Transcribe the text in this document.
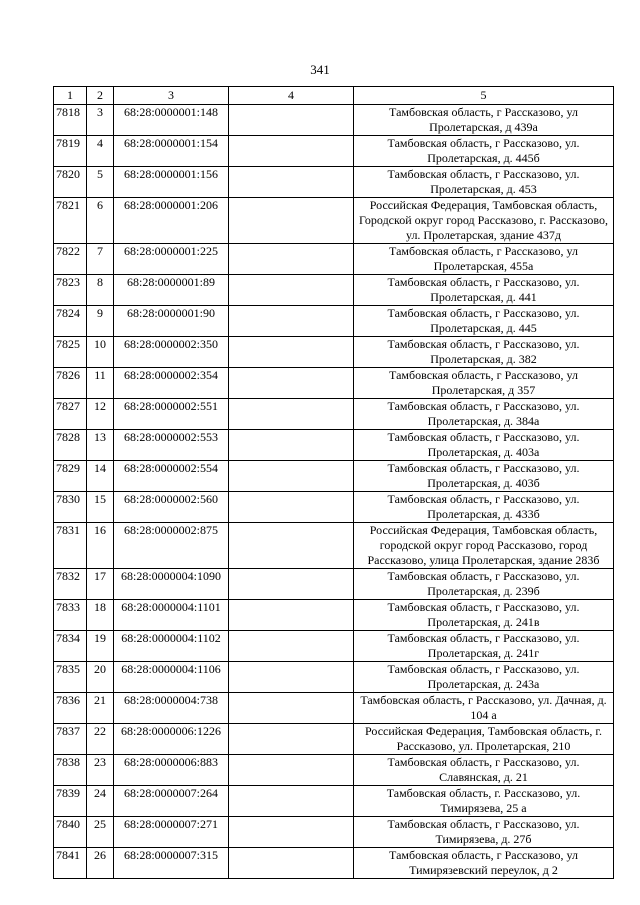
341
1	2	3	4	5
7818	3	68:28:0000001:148		Тамбовская область, г Рассказово, ул Пролетарская, д 439а
7819	4	68:28:0000001:154		Тамбовская область, г Рассказово, ул. Пролетарская, д. 445б
7820	5	68:28:0000001:156		Тамбовская область, г Рассказово, ул. Пролетарская, д. 453
7821	6	68:28:0000001:206		Российская Федерация, Тамбовская область, Городской округ город Рассказово, г. Рассказово, ул. Пролетарская, здание 437д
7822	7	68:28:0000001:225		Тамбовская область, г Рассказово, ул Пролетарская, 455а
7823	8	68:28:0000001:89		Тамбовская область, г Рассказово, ул. Пролетарская, д. 441
7824	9	68:28:0000001:90		Тамбовская область, г Рассказово, ул. Пролетарская, д. 445
7825	10	68:28:0000002:350		Тамбовская область, г Рассказово, ул. Пролетарская, д. 382
7826	11	68:28:0000002:354		Тамбовская область, г Рассказово, ул Пролетарская, д 357
7827	12	68:28:0000002:551		Тамбовская область, г Рассказово, ул. Пролетарская, д. 384а
7828	13	68:28:0000002:553		Тамбовская область, г Рассказово, ул. Пролетарская, д. 403а
7829	14	68:28:0000002:554		Тамбовская область, г Рассказово, ул. Пролетарская, д. 403б
7830	15	68:28:0000002:560		Тамбовская область, г Рассказово, ул. Пролетарская, д. 433б
7831	16	68:28:0000002:875		Российская Федерация, Тамбовская область, городской округ город Рассказово, город Рассказово, улица Пролетарская, здание 283б
7832	17	68:28:0000004:1090		Тамбовская область, г Рассказово, ул. Пролетарская, д. 239б
7833	18	68:28:0000004:1101		Тамбовская область, г Рассказово, ул. Пролетарская, д. 241в
7834	19	68:28:0000004:1102		Тамбовская область, г Рассказово, ул. Пролетарская, д. 241г
7835	20	68:28:0000004:1106		Тамбовская область, г Рассказово, ул. Пролетарская, д. 243а
7836	21	68:28:0000004:738		Тамбовская область, г Рассказово, ул. Дачная, д. 104 а
7837	22	68:28:0000006:1226		Российская Федерация, Тамбовская область, г. Рассказово, ул. Пролетарская, 210
7838	23	68:28:0000006:883		Тамбовская область, г Рассказово, ул. Славянская, д. 21
7839	24	68:28:0000007:264		Тамбовская область, г. Рассказово, ул. Тимирязева, 25 а
7840	25	68:28:0000007:271		Тамбовская область, г Рассказово, ул. Тимирязева, д. 27б
7841	26	68:28:0000007:315		Тамбовская область, г Рассказово, ул Тимирязевский переулок, д 2
